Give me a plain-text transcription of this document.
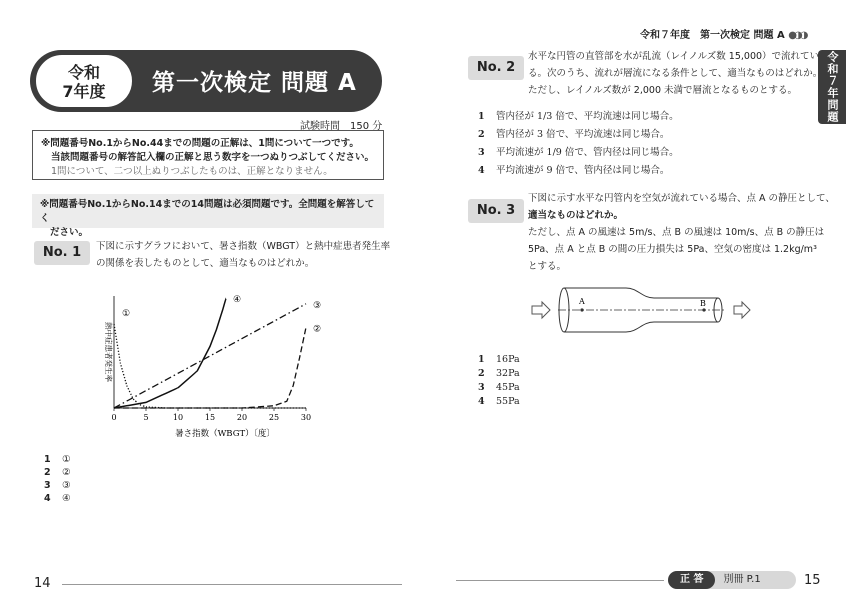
令和
7年度	第一次検定 問題 A
試験時間　150 分
※問題番号No.1からNo.44までの問題の正解は、1問について一つです。
当該問題番号の解答記入欄の正解と思う数字を一つぬりつぶしてください。
1問について、二つ以上ぬりつぶしたものは、正解となりません。
※問題番号No.1からNo.14までの14問題は必須問題です。全問題を解答してく
ださい。
No. 1	下図に示すグラフにおいて、暑さ指数（WBGT）と熱中症患者発生率
の関係を表したものとして、適当なものはどれか。
0	5	10	15	20	25	30
①
②
③
④
暑さ指数（WBGT）〔度〕
熱中症患者発生率
1 ①
2 ②
3 ③
4 ④
14
令和７年度　第一次検定 問題 A ●◑◑
令和７年問題
No. 2
水平な円管の直管部を水が乱流（レイノルズ数 15,000）で流れてい
る。次のうち、流れが層流になる条件として、適当なものはどれか。
ただし、レイノルズ数が 2,000 未満で層流となるものとする。
1 管内径が 1/3 倍で、平均流速は同じ場合。
2 管内径が 3 倍で、平均流速は同じ場合。
3 平均流速が 1/9 倍で、管内径は同じ場合。
4 平均流速が 9 倍で、管内径は同じ場合。
No. 3
下図に示す水平な円管内を空気が流れている場合、点 A の静圧として、
適当なものはどれか。
ただし、点 A の風速は 5m/s、点 B の風速は 10m/s、点 B の静圧は
5Pa、点 A と点 B の間の圧力損失は 5Pa、空気の密度は 1.2kg/m³
とする。
A	B
1 16Pa
2 32Pa
3 45Pa
4 55Pa
正 答 別冊 P.1	15
